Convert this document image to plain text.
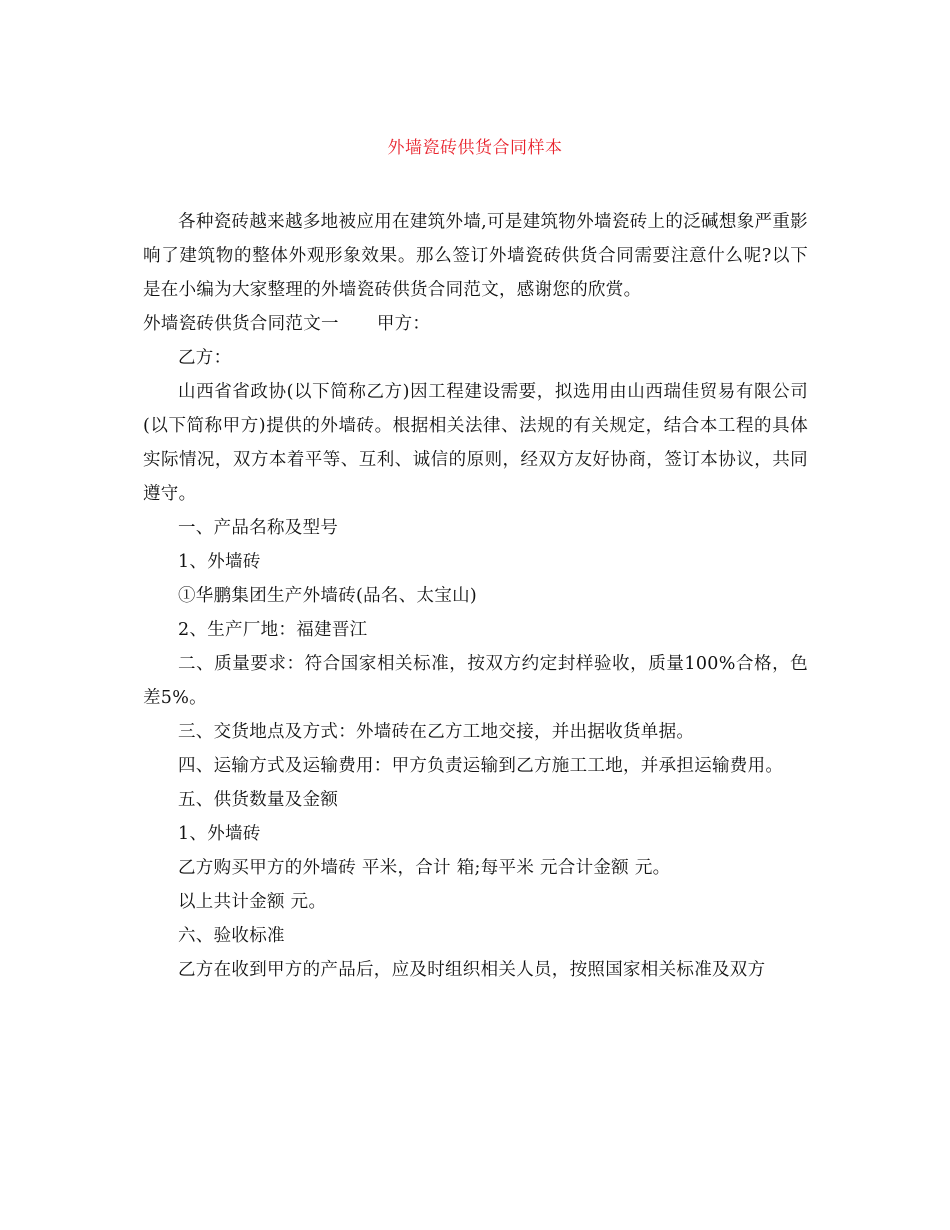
外墙瓷砖供货合同样本

各种瓷砖越来越多地被应用在建筑外墙,可是建筑物外墙瓷砖上的泛碱想象严重影响了建筑物的整体外观形象效果。那么签订外墙瓷砖供货合同需要注意什么呢?以下是在小编为大家整理的外墙瓷砖供货合同范文，感谢您的欣赏。

外墙瓷砖供货合同范文一 甲方：

乙方：

山西省省政协(以下简称乙方)因工程建设需要，拟选用由山西瑞佳贸易有限公司(以下简称甲方)提供的外墙砖。根据相关法律、法规的有关规定，结合本工程的具体实际情况，双方本着平等、互利、诚信的原则，经双方友好协商，签订本协议，共同遵守。

一、产品名称及型号

1、外墙砖

①华鹏集团生产外墙砖(品名、太宝山)

2、生产厂地：福建晋江

二、质量要求：符合国家相关标准，按双方约定封样验收，质量100%合格，色差5%。

三、交货地点及方式：外墙砖在乙方工地交接，并出据收货单据。

四、运输方式及运输费用：甲方负责运输到乙方施工工地，并承担运输费用。

五、供货数量及金额

1、外墙砖

乙方购买甲方的外墙砖 平米，合计 箱;每平米 元合计金额 元。

以上共计金额 元。

六、验收标准

乙方在收到甲方的产品后，应及时组织相关人员，按照国家相关标准及双方
